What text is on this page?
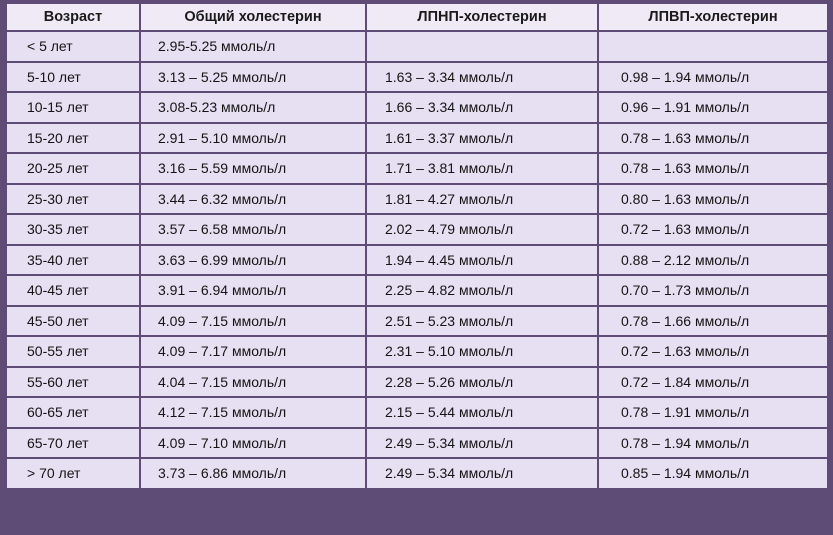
Возраст	Общий холестерин	ЛПНП-холестерин	ЛПВП-холестерин
< 5 лет	2.95-5.25 ммоль/л		
5-10 лет	3.13 – 5.25 ммоль/л	1.63 – 3.34 ммоль/л	0.98 – 1.94 ммоль/л
10-15 лет	3.08-5.23 ммоль/л	1.66 – 3.34 ммоль/л	0.96 – 1.91 ммоль/л
15-20 лет	2.91 – 5.10 ммоль/л	1.61 – 3.37 ммоль/л	0.78 – 1.63 ммоль/л
20-25 лет	3.16 – 5.59 ммоль/л	1.71 – 3.81 ммоль/л	0.78 – 1.63 ммоль/л
25-30 лет	3.44 – 6.32 ммоль/л	1.81 – 4.27 ммоль/л	0.80 – 1.63 ммоль/л
30-35 лет	3.57 – 6.58 ммоль/л	2.02 – 4.79 ммоль/л	0.72 – 1.63 ммоль/л
35-40 лет	3.63 – 6.99 ммоль/л	1.94 – 4.45 ммоль/л	0.88 – 2.12 ммоль/л
40-45 лет	3.91 – 6.94 ммоль/л	2.25 – 4.82 ммоль/л	0.70 – 1.73 ммоль/л
45-50 лет	4.09 – 7.15 ммоль/л	2.51 – 5.23 ммоль/л	0.78 – 1.66 ммоль/л
50-55 лет	4.09 – 7.17 ммоль/л	2.31 – 5.10 ммоль/л	0.72 – 1.63 ммоль/л
55-60 лет	4.04 – 7.15 ммоль/л	2.28 – 5.26 ммоль/л	0.72 – 1.84 ммоль/л
60-65 лет	4.12 – 7.15 ммоль/л	2.15 – 5.44 ммоль/л	0.78 – 1.91 ммоль/л
65-70 лет	4.09 – 7.10 ммоль/л	2.49 – 5.34 ммоль/л	0.78 – 1.94 ммоль/л
> 70 лет	3.73 – 6.86 ммоль/л	2.49 – 5.34 ммоль/л	0.85 – 1.94 ммоль/л
